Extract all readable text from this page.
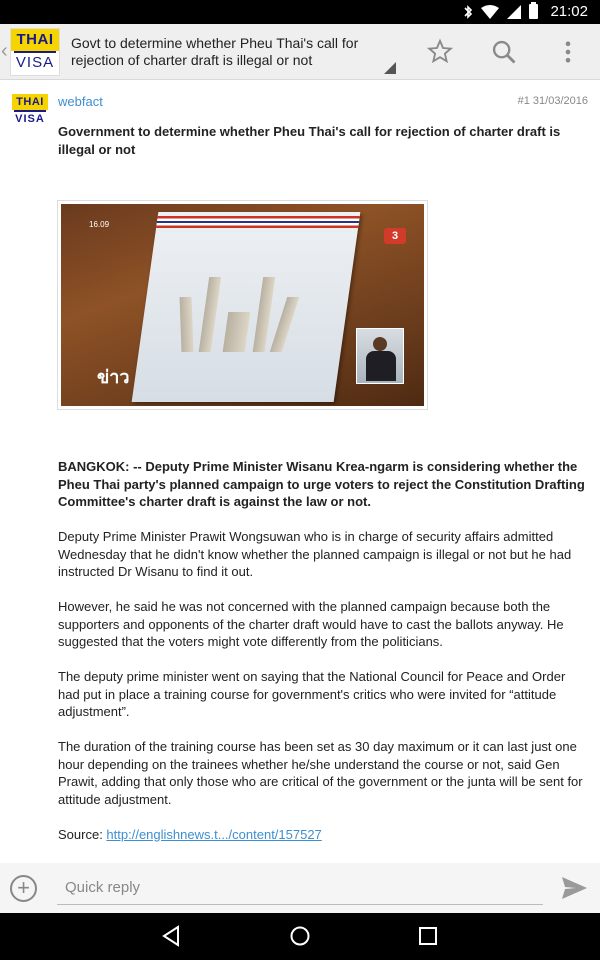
21:02
‹
THAI
VISA
Govt to determine whether Pheu Thai's call for rejection of charter draft is illegal or not
THAI
VISA
webfact	#1 31/03/2016
Government to determine whether Pheu Thai's call for rejection of charter draft is illegal or not
16.09
3
ข่าว

BANGKOK: -- Deputy Prime Minister Wisanu Krea-ngarm is considering whether the Pheu Thai party's planned campaign to urge voters to reject the Constitution Drafting Committee's charter draft is against the law or not.

Deputy Prime Minister Prawit Wongsuwan who is in charge of security affairs admitted Wednesday that he didn't know whether the planned campaign is illegal or not but he had instructed Dr Wisanu to find it out.

However, he said he was not concerned with the planned campaign because both the supporters and opponents of the charter draft would have to cast the ballots anyway. He suggested that the voters might vote differently from the politicians.

The deputy prime minister went on saying that the National Council for Peace and Order had put in place a training course for government's critics who were invited for “attitude adjustment”.

The duration of the training course has been set as 30 day maximum or it can last just one hour depending on the trainees whether he/she understand the course or not, said Gen Prawit, adding that only those who are critical of the government or the junta will be sent for attitude adjustment.

Source: http://englishnews.t.../content/157527

+
Quick reply
